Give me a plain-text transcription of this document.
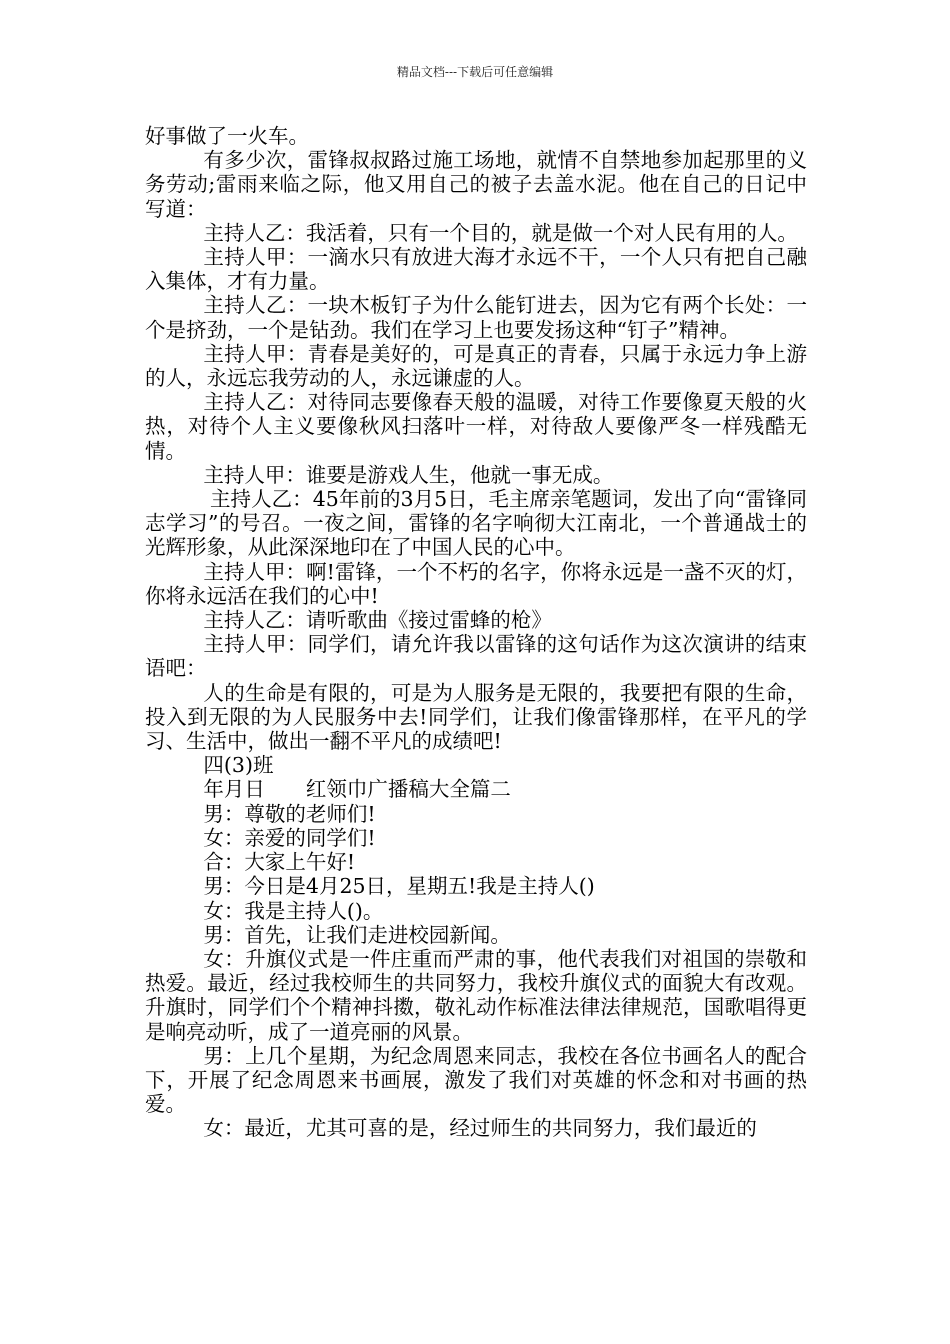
精品文档---下载后可任意编辑

好事做了一火车。

有多少次，雷锋叔叔路过施工场地，就情不自禁地参加起那里的义务劳动;雷雨来临之际，他又用自己的被子去盖水泥。他在自己的日记中写道：

主持人乙：我活着，只有一个目的，就是做一个对人民有用的人。

主持人甲：一滴水只有放进大海才永远不干，一个人只有把自己融入集体，才有力量。

主持人乙：一块木板钉子为什么能钉进去，因为它有两个长处：一个是挤劲，一个是钻劲。我们在学习上也要发扬这种“钉子”精神。

主持人甲：青春是美好的，可是真正的青春，只属于永远力争上游的人，永远忘我劳动的人，永远谦虚的人。

主持人乙：对待同志要像春天般的温暖，对待工作要像夏天般的火热，对待个人主义要像秋风扫落叶一样，对待敌人要像严冬一样残酷无情。

主持人甲：谁要是游戏人生，他就一事无成。

主持人乙：45年前的3月5日，毛主席亲笔题词，发出了向“雷锋同志学习”的号召。一夜之间，雷锋的名字响彻大江南北，一个普通战士的光辉形象，从此深深地印在了中国人民的心中。

主持人甲：啊!雷锋，一个不朽的名字，你将永远是一盏不灭的灯，你将永远活在我们的心中!

主持人乙：请听歌曲《接过雷蜂的枪》

主持人甲：同学们，请允许我以雷锋的这句话作为这次演讲的结束语吧：

人的生命是有限的，可是为人服务是无限的，我要把有限的生命，投入到无限的为人民服务中去!同学们，让我们像雷锋那样，在平凡的学习、生活中，做出一翻不平凡的成绩吧!

四(3)班

年月日　　红领巾广播稿大全篇二

男：尊敬的老师们!

女：亲爱的同学们!

合：大家上午好!

男：今日是4月25日，星期五!我是主持人()

女：我是主持人()。

男：首先，让我们走进校园新闻。

女：升旗仪式是一件庄重而严肃的事，他代表我们对祖国的崇敬和热爱。最近，经过我校师生的共同努力，我校升旗仪式的面貌大有改观。升旗时，同学们个个精神抖擞，敬礼动作标准法律法律规范，国歌唱得更是响亮动听，成了一道亮丽的风景。

男：上几个星期，为纪念周恩来同志，我校在各位书画名人的配合下，开展了纪念周恩来书画展，激发了我们对英雄的怀念和对书画的热爱。

女：最近，尤其可喜的是，经过师生的共同努力，我们最近的
